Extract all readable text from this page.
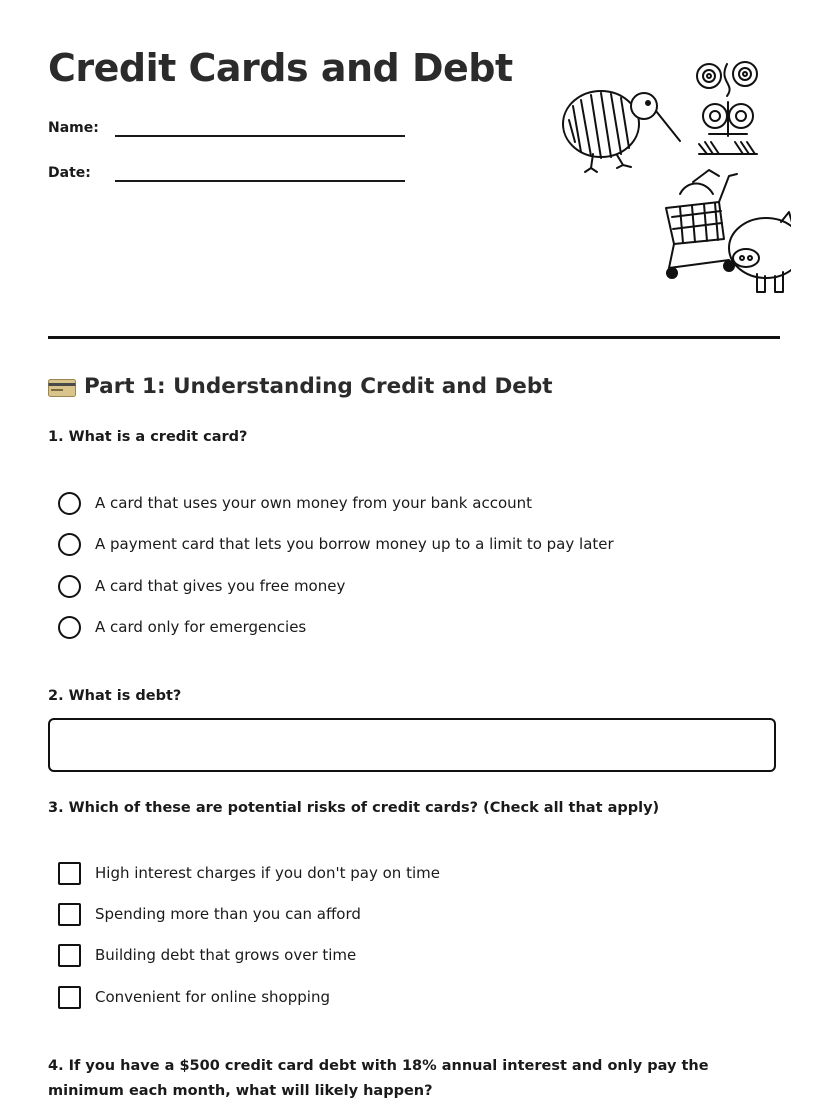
Credit Cards and Debt
Name:
Date:
Part 1: Understanding Credit and Debt

1. What is a credit card?

A card that uses your own money from your bank account
A payment card that lets you borrow money up to a limit to pay later
A card that gives you free money
A card only for emergencies

2. What is debt?

3. Which of these are potential risks of credit cards? (Check all that apply)

High interest charges if you don't pay on time
Spending more than you can afford
Building debt that grows over time
Convenient for online shopping

4. If you have a $500 credit card debt with 18% annual interest and only pay the minimum each month, what will likely happen?
